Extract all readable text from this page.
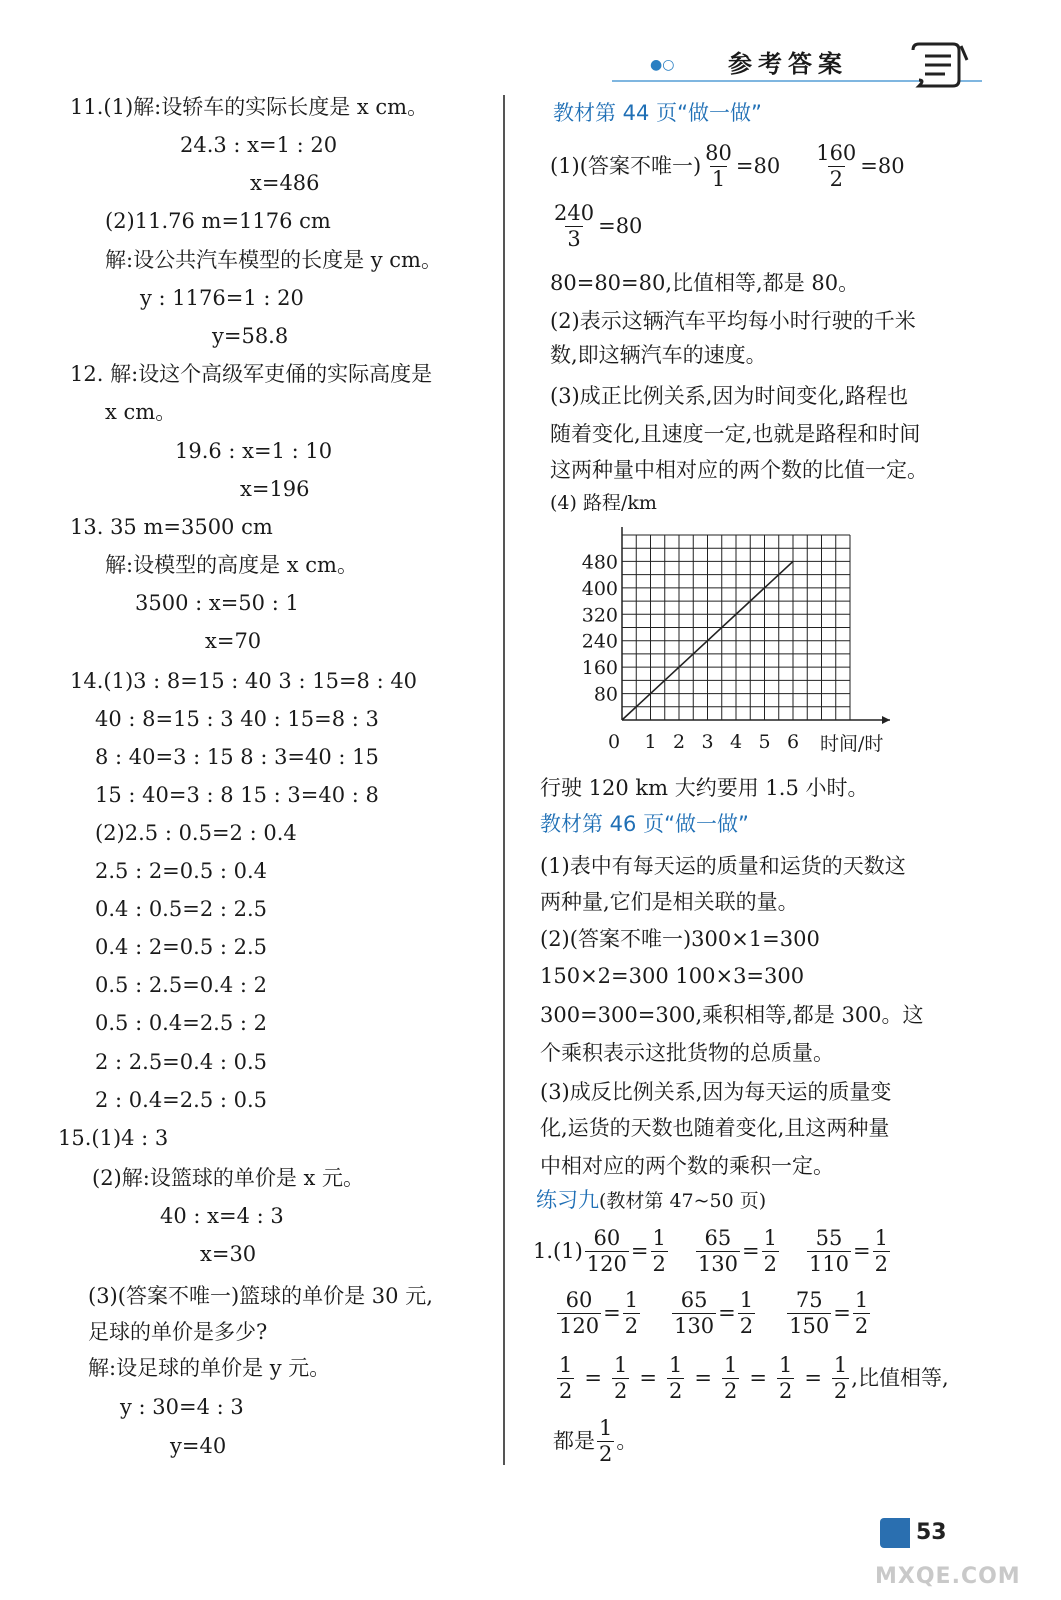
●○ 参考答案
11.(1)解:设轿车的实际长度是 x cm。
24.3 : x=1 : 20
x=486
(2)11.76 m=1176 cm
解:设公共汽车模型的长度是 y cm。
y : 1176=1 : 20
y=58.8
12. 解:设这个高级军吏俑的实际高度是
x cm。
19.6 : x=1 : 10
x=196
13. 35 m=3500 cm
解:设模型的高度是 x cm。
3500 : x=50 : 1
x=70
14.(1)3 : 8=15 : 40 3 : 15=8 : 40
40 : 8=15 : 3 40 : 15=8 : 3
8 : 40=3 : 15 8 : 3=40 : 15
15 : 40=3 : 8 15 : 3=40 : 8
(2)2.5 : 0.5=2 : 0.4
2.5 : 2=0.5 : 0.4
0.4 : 0.5=2 : 2.5
0.4 : 2=0.5 : 2.5
0.5 : 2.5=0.4 : 2
0.5 : 0.4=2.5 : 2
2 : 2.5=0.4 : 0.5
2 : 0.4=2.5 : 0.5
15.(1)4 : 3
(2)解:设篮球的单价是 x 元。
40 : x=4 : 3
x=30
(3)(答案不唯一)篮球的单价是 30 元,
足球的单价是多少?
解:设足球的单价是 y 元。
y : 30=4 : 3
y=40
教材第 44 页“做一做”
(1)(答案不唯一) $\frac{80}{1} =80 \frac{160}{2} =80$
$\frac{240}{3} =80$
80=80=80,比值相等,都是 80。
(2)表示这辆汽车平均每小时行驶的千米
数,即这辆汽车的速度。
(3)成正比例关系,因为时间变化,路程也
随着变化,且速度一定,也就是路程和时间
这两种量中相对应的两个数的比值一定。
(4) 路程/km
0 1 2 3 4 5 6
80
160
240
320
400
480
时间/时
行驶 120 km 大约要用 1.5 小时。
教材第 46 页“做一做”
(1)表中有每天运的质量和运货的天数这
两种量,它们是相关联的量。
(2)(答案不唯一)300×1=300
150×2=300 100×3=300
300=300=300,乘积相等,都是 300。这
个乘积表示这批货物的总质量。
(3)成反比例关系,因为每天运的质量变
化,运货的天数也随着变化,且这两种量
中相对应的两个数的乘积一定。
练习九(教材第 47~50 页)
$1.(1) \frac{60}{120} = \frac{1}{2} \frac{65}{130} = \frac{1}{2} \frac{55}{110} = \frac{1}{2}$
$\frac{60}{120} = \frac{1}{2} \frac{65}{130} = \frac{1}{2} \frac{75}{150} = \frac{1}{2}$
$\frac{1}{2} = \frac{1}{2} = \frac{1}{2} = \frac{1}{2} = \frac{1}{2} = \frac{1}{2}$ ,比值相等,
都是 $\frac{1}{2}$ 。
53
MXQE.COM
